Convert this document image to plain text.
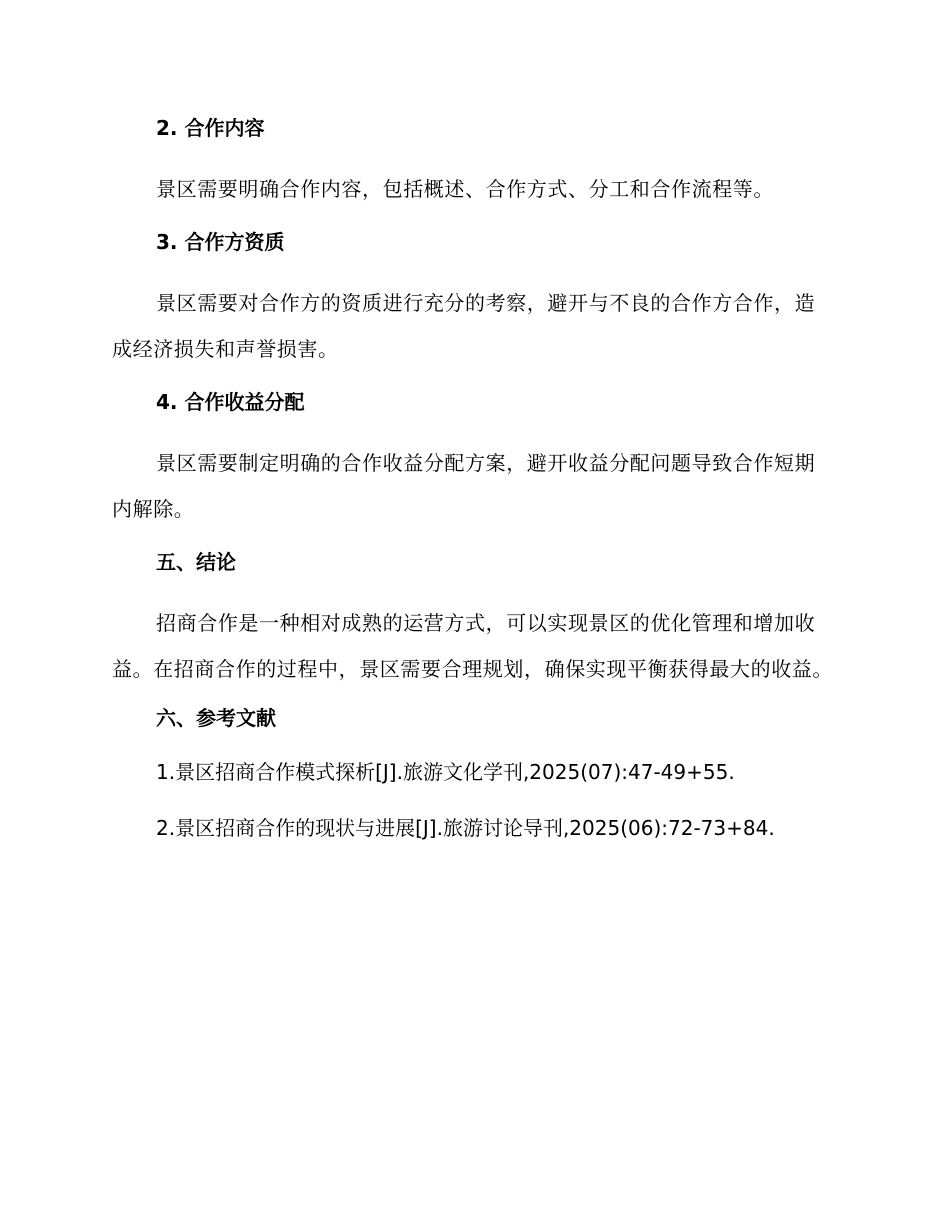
2. 合作内容
景区需要明确合作内容，包括概述、合作方式、分工和合作流程等。
3. 合作方资质
景区需要对合作方的资质进行充分的考察，避开与不良的合作方合作，造成经济损失和声誉损害。
4. 合作收益分配
景区需要制定明确的合作收益分配方案，避开收益分配问题导致合作短期内解除。
五、结论
招商合作是一种相对成熟的运营方式，可以实现景区的优化管理和增加收益。在招商合作的过程中，景区需要合理规划，确保实现平衡获得最大的收益。
六、参考文献
1.景区招商合作模式探析[J].旅游文化学刊,2025(07):47-49+55.
2.景区招商合作的现状与进展[J].旅游讨论导刊,2025(06):72-73+84.
